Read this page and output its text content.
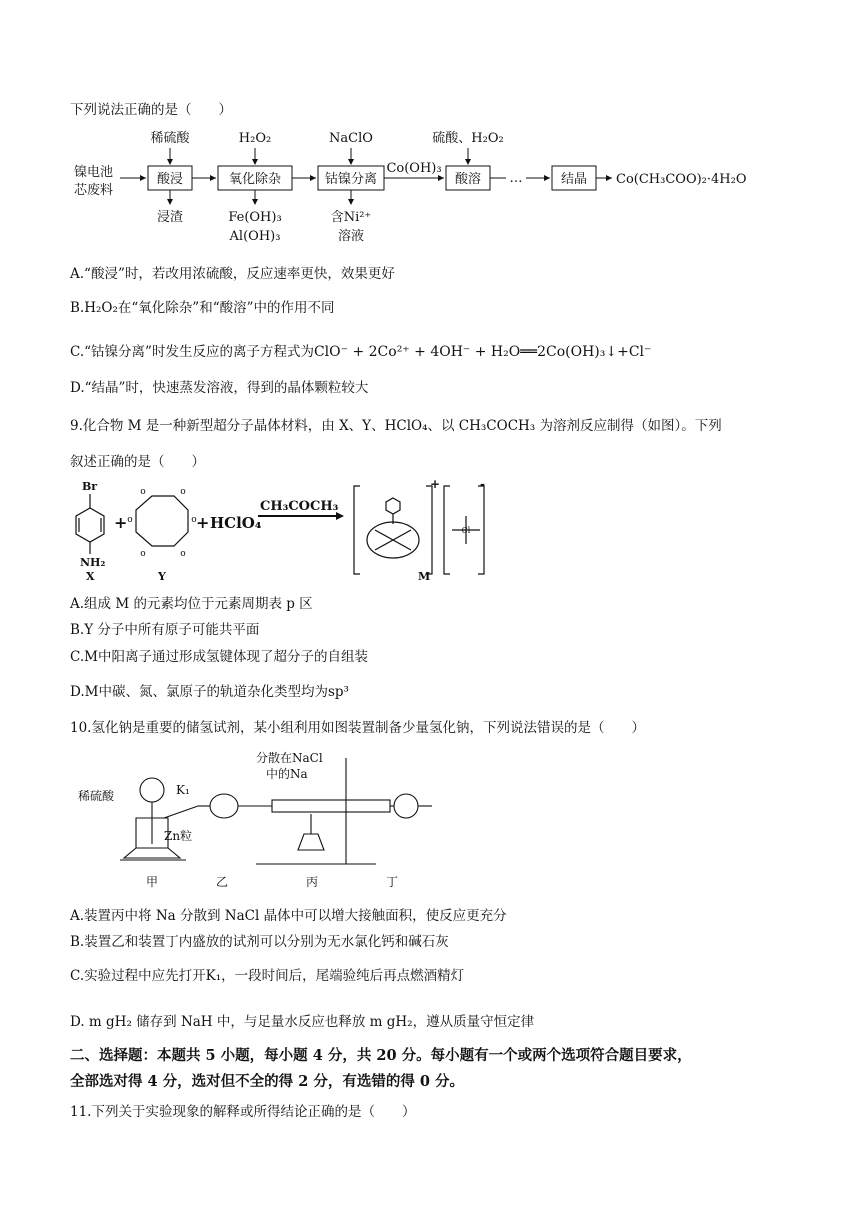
下列说法正确的是（　　）
镍电池
芯废料
酸浸	氧化除杂	钴镍分离	酸溶	结晶
稀硫酸	H₂O₂	NaClO	硫酸、H₂O₂
Co(OH)₃
…
浸渣	Fe(OH)₃
Al(OH)₃
含Ni²⁺
溶液
Co(CH₃COO)₂·4H₂O
A.“酸浸”时，若改用浓硫酸，反应速率更快，效果更好
B.H₂O₂在“氧化除杂”和“酸溶”中的作用不同
C.“钴镍分离”时发生反应的离子方程式为ClO⁻ + 2Co²⁺ + 4OH⁻ + H₂O══2Co(OH)₃↓+Cl⁻
D.“结晶”时，快速蒸发溶液，得到的晶体颗粒较大
9.化合物 M 是一种新型超分子晶体材料，由 X、Y、HClO₄、以 CH₃COCH₃ 为溶剂反应制得（如图）。下列
叙述正确的是（　　）
o	o
o
o
o
o
Cl
Br
NH₂
X	Y	M
+	+ HClO₄
CH₃COCH₃
+	-
A.组成 M 的元素均位于元素周期表 p 区
B.Y 分子中所有原子可能共平面
C.M中阳离子通过形成氢键体现了超分子的自组装
D.M中碳、氮、氯原子的轨道杂化类型均为sp³
10.氢化钠是重要的储氢试剂，某小组利用如图装置制备少量氢化钠，下列说法错误的是（　　）
稀硫酸	K₁
Zn粒
分散在NaCl
中的Na
甲	乙	丙	丁
A.装置丙中将 Na 分散到 NaCl 晶体中可以增大接触面积，使反应更充分
B.装置乙和装置丁内盛放的试剂可以分别为无水氯化钙和碱石灰
C.实验过程中应先打开K₁，一段时间后，尾端验纯后再点燃酒精灯
D. m gH₂ 储存到 NaH 中，与足量水反应也释放 m gH₂，遵从质量守恒定律
二、选择题：本题共 5 小题，每小题 4 分，共 20 分。每小题有一个或两个选项符合题目要求，
全部选对得 4 分，选对但不全的得 2 分，有选错的得 0 分。
11.下列关于实验现象的解释或所得结论正确的是（　　）
